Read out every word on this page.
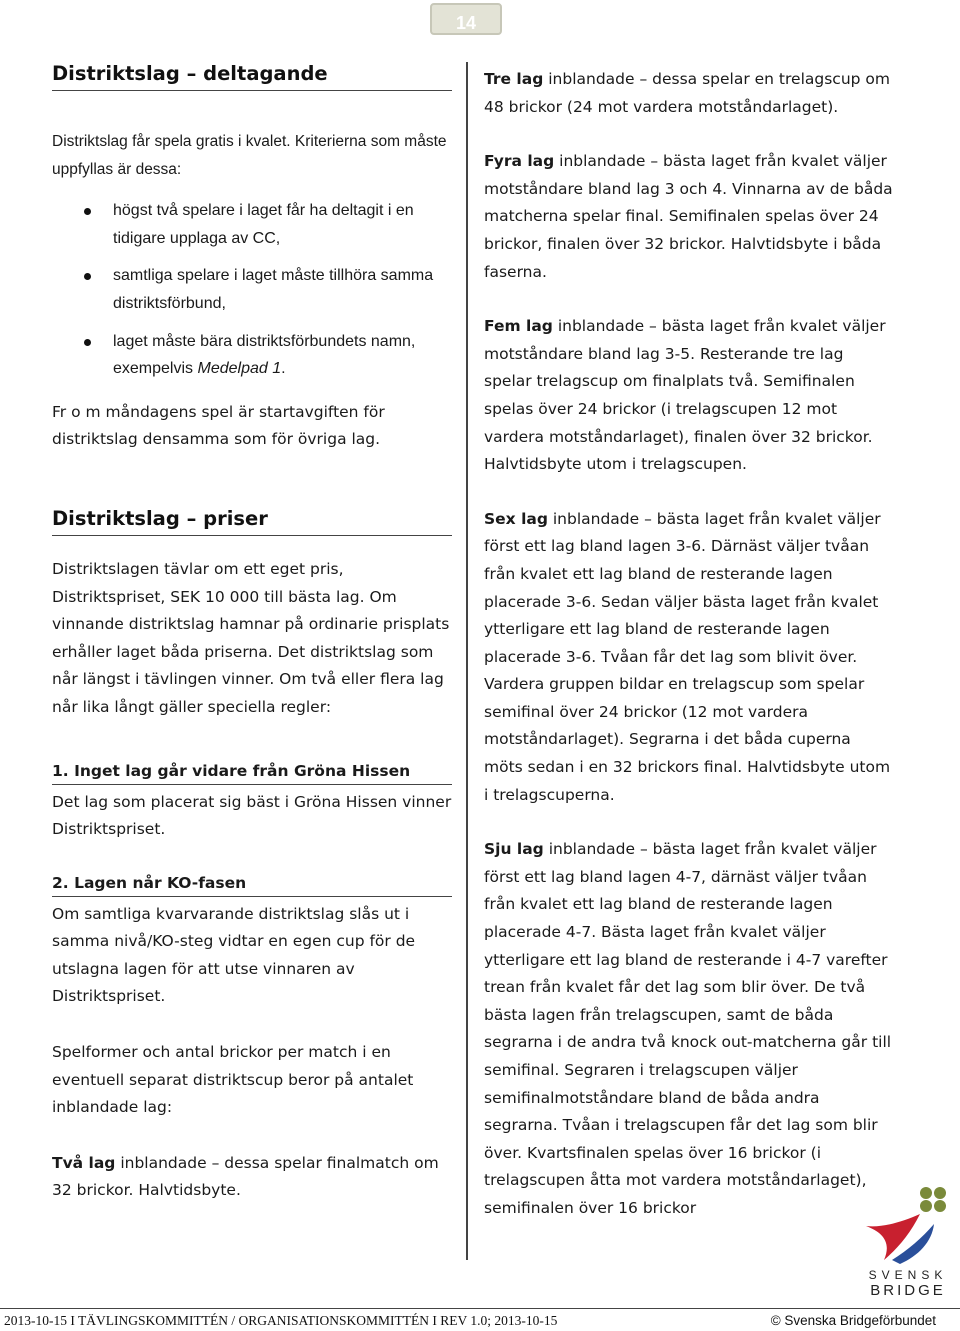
14
Distriktslag – deltagande

Distriktslag får spela gratis i kvalet. Kriterierna som måste uppfyllas är dessa:

högst två spelare i laget får ha deltagit i en tidigare upplaga av CC,
samtliga spelare i laget måste tillhöra samma distriktsförbund,
laget måste bära distriktsförbundets namn, exempelvis Medelpad 1.

Fr o m måndagens spel är startavgiften för distriktslag densamma som för övriga lag.

Distriktslag – priser

Distriktslagen tävlar om ett eget pris, Distriktspriset, SEK 10 000 till bästa lag. Om vinnande distriktslag hamnar på ordinarie prisplats erhåller laget båda priserna. Det distriktslag som når längst i tävlingen vinner. Om två eller flera lag når lika långt gäller speciella regler:

1. Inget lag går vidare från Gröna Hissen

Det lag som placerat sig bäst i Gröna Hissen vinner Distriktspriset.

2. Lagen når KO-fasen

Om samtliga kvarvarande distriktslag slås ut i samma nivå/KO-steg vidtar en egen cup för de utslagna lagen för att utse vinnaren av Distriktspriset.

Spelformer och antal brickor per match i en eventuell separat distriktscup beror på antalet inblandade lag:

Två lag inblandade – dessa spelar finalmatch om 32 brickor. Halvtidsbyte.

Tre lag inblandade – dessa spelar en trelagscup om 48 brickor (24 mot vardera motståndarlaget).

Fyra lag inblandade – bästa laget från kvalet väljer motståndare bland lag 3 och 4. Vinnarna av de båda matcherna spelar final. Semifinalen spelas över 24 brickor, finalen över 32 brickor. Halvtidsbyte i båda faserna.

Fem lag inblandade – bästa laget från kvalet väljer motståndare bland lag 3-5. Resterande tre lag spelar trelagscup om finalplats två. Semifinalen spelas över 24 brickor (i trelagscupen 12 mot vardera motståndarlaget), finalen över 32 brickor. Halvtidsbyte utom i trelagscupen.

Sex lag inblandade – bästa laget från kvalet väljer först ett lag bland lagen 3-6. Därnäst väljer tvåan från kvalet ett lag bland de resterande lagen placerade 3-6. Sedan väljer bästa laget från kvalet ytterligare ett lag bland de resterande lagen placerade 3-6. Tvåan får det lag som blivit över. Vardera gruppen bildar en trelagscup som spelar semifinal över 24 brickor (12 mot vardera motståndarlaget). Segrarna i det båda cuperna möts sedan i en 32 brickors final. Halvtidsbyte utom i trelagscuperna.

Sju lag inblandade – bästa laget från kvalet väljer först ett lag bland lagen 4-7, därnäst väljer tvåan från kvalet ett lag bland de resterande lagen placerade 4-7. Bästa laget från kvalet väljer ytterligare ett lag bland de resterande i 4-7 varefter trean från kvalet får det lag som blir över. De två bästa lagen från trelagscupen, samt de båda segrarna i de andra två knock out-matcherna går till semifinal. Segraren i trelagscupen väljer semifinalmotståndare bland de båda andra segrarna. Tvåan i trelagscupen får det lag som blir över. Kvartsfinalen spelas över 16 brickor (i trelagscupen åtta mot vardera motståndarlaget), semifinalen över 16 brickor

SVENSK
BRIDGE
2013-10-15 I TÄVLINGSKOMMITTÉN / ORGANISATIONSKOMMITTÉN I REV 1.0; 2013-10-15	© Svenska Bridgeförbundet
